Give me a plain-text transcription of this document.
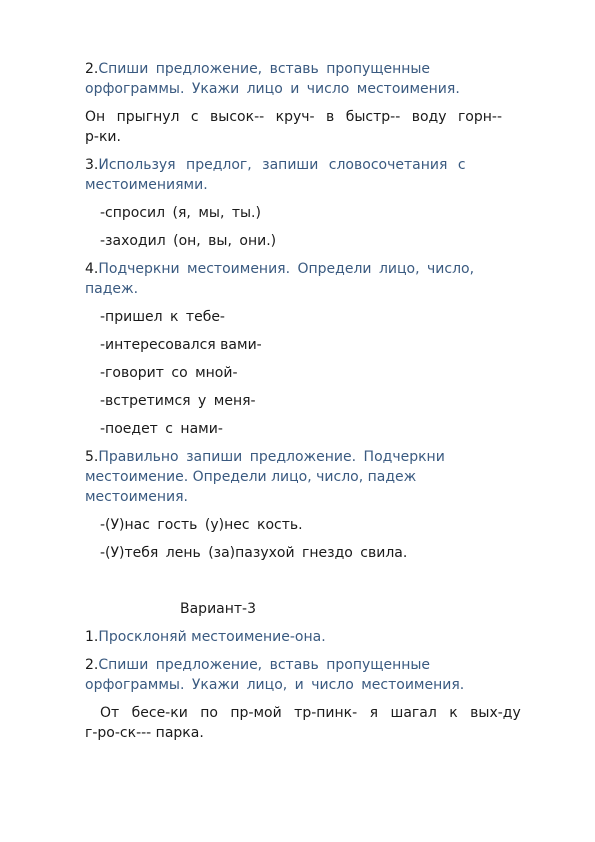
2.Спиши предложение, вставь пропущенные
орфограммы. Укажи лицо и число местоимения.
Он прыгнул с высок-- круч- в быстр-- воду горн--
р-ки.
3.Используя предлог, запиши словосочетания с
местоимениями.
-спросил (я, мы, ты.)
-заходил (он, вы, они.)
4.Подчеркни местоимения. Определи лицо, число,
падеж.
-пришел к тебе-
-интересовался вами-
-говорит со мной-
-встретимся у меня-
-поедет с нами-
5.Правильно запиши предложение. Подчеркни
местоимение. Определи лицо, число, падеж
местоимения.
-(У)нас гость (у)нес кость.
-(У)тебя лень (за)пазухой гнездо свила.
Вариант-3
1.Просклоняй местоимение-она.
2.Спиши предложение, вставь пропущенные
орфограммы. Укажи лицо, и число местоимения.
От бесе-ки по пр-мой тр-пинк- я шагал к вых-ду
г-ро-ск--- парка.
